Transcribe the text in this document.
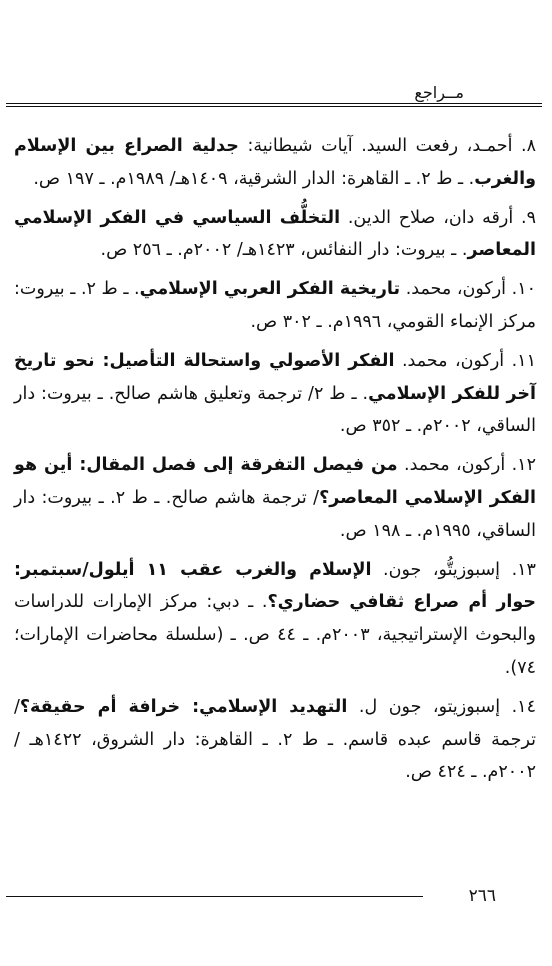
مــراجع

٨. أحمـد، رفعت السيد. آيات شيطانية: جدلية الصراع بين الإسلام والغرب. ـ ط ٢. ـ القاهرة: الدار الشرقية، ١٤٠٩هـ/ ١٩٨٩م. ـ ١٩٧ ص.

٩. أرقه دان، صلاح الدين. التخلُّف السياسي في الفكر الإسلامي المعاصر. ـ بيروت: دار النفائس، ١٤٢٣هـ/ ٢٠٠٢م. ـ ٢٥٦ ص.

١٠. أركون، محمد. تاريخية الفكر العربي الإسلامي. ـ ط ٢. ـ بيروت: مركز الإنماء القومي، ١٩٩٦م. ـ ٣٠٢ ص.

١١. أركون، محمد. الفكر الأصولي واستحالة التأصيل: نحو تاريخ آخر للفكر الإسلامي. ـ ط ٢/ ترجمة وتعليق هاشم صالح. ـ بيروت: دار الساقي، ٢٠٠٢م. ـ ٣٥٢ ص.

١٢. أركون، محمد. من فيصل التفرقة إلى فصل المقال: أين هو الفكر الإسلامي المعاصر؟/ ترجمة هاشم صالح. ـ ط ٢. ـ بيروت: دار الساقي، ١٩٩٥م. ـ ١٩٨ ص.

١٣. إسبوزيتُّو، جون. الإسلام والغرب عقب ١١ أيلول/سبتمبر: حوار أم صراع ثقافي حضاري؟. ـ دبي: مركز الإمارات للدراسات والبحوث الإستراتيجية، ٢٠٠٣م. ـ ٤٤ ص. ـ (سلسلة محاضرات الإمارات؛ ٧٤).

١٤. إسبوزيتو، جون ل. التهديد الإسلامي: خرافة أم حقيقة؟/ ترجمة قاسم عبده قاسم. ـ ط ٢. ـ القاهرة: دار الشروق، ١٤٢٢هـ / ٢٠٠٢م. ـ ٤٢٤ ص.

٢٦٦
